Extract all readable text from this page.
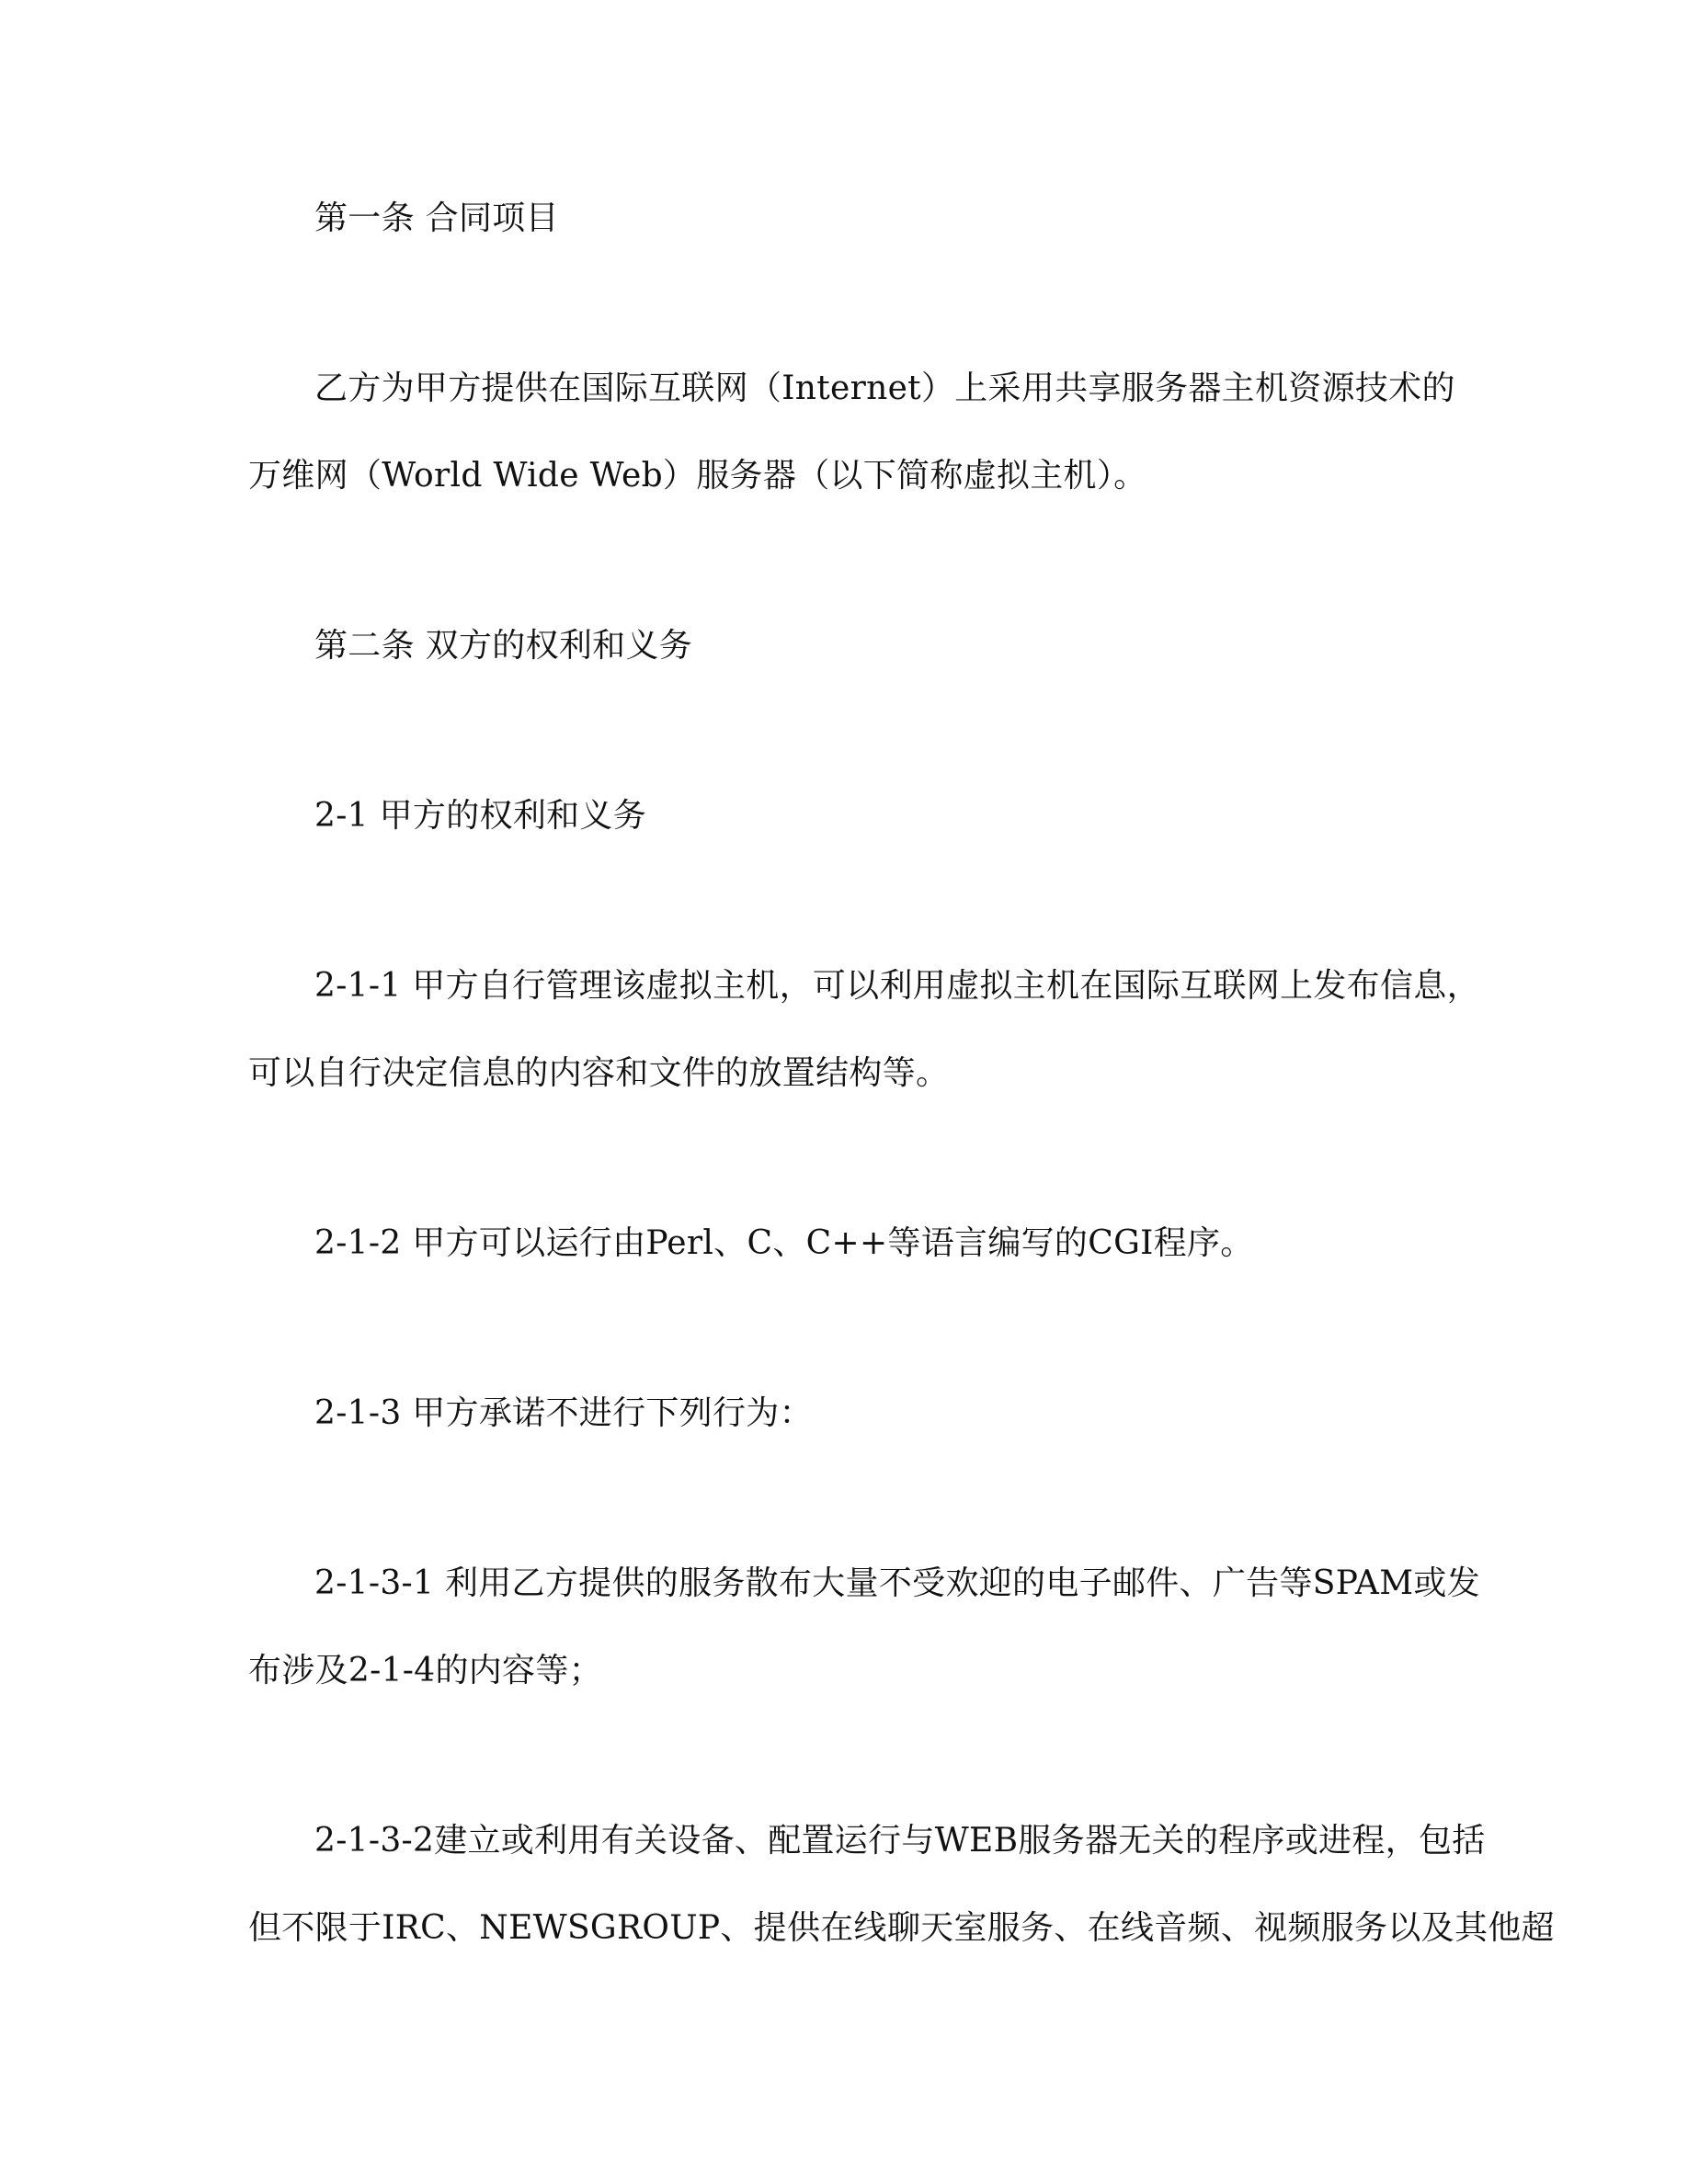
第一条 合同项目

乙方为甲方提供在国际互联网（Internet）上采用共享服务器主机资源技术的
万维网（World Wide Web）服务器（以下简称虚拟主机）。

第二条 双方的权利和义务

2-1 甲方的权利和义务

2-1-1 甲方自行管理该虚拟主机，可以利用虚拟主机在国际互联网上发布信息，
可以自行决定信息的内容和文件的放置结构等。

2-1-2 甲方可以运行由Perl、C、C++等语言编写的CGI程序。

2-1-3 甲方承诺不进行下列行为：

2-1-3-1 利用乙方提供的服务散布大量不受欢迎的电子邮件、广告等SPAM或发
布涉及2-1-4的内容等；

2-1-3-2建立或利用有关设备、配置运行与WEB服务器无关的程序或进程，包括
但不限于IRC、NEWSGROUP、提供在线聊天室服务、在线音频、视频服务以及其他超
